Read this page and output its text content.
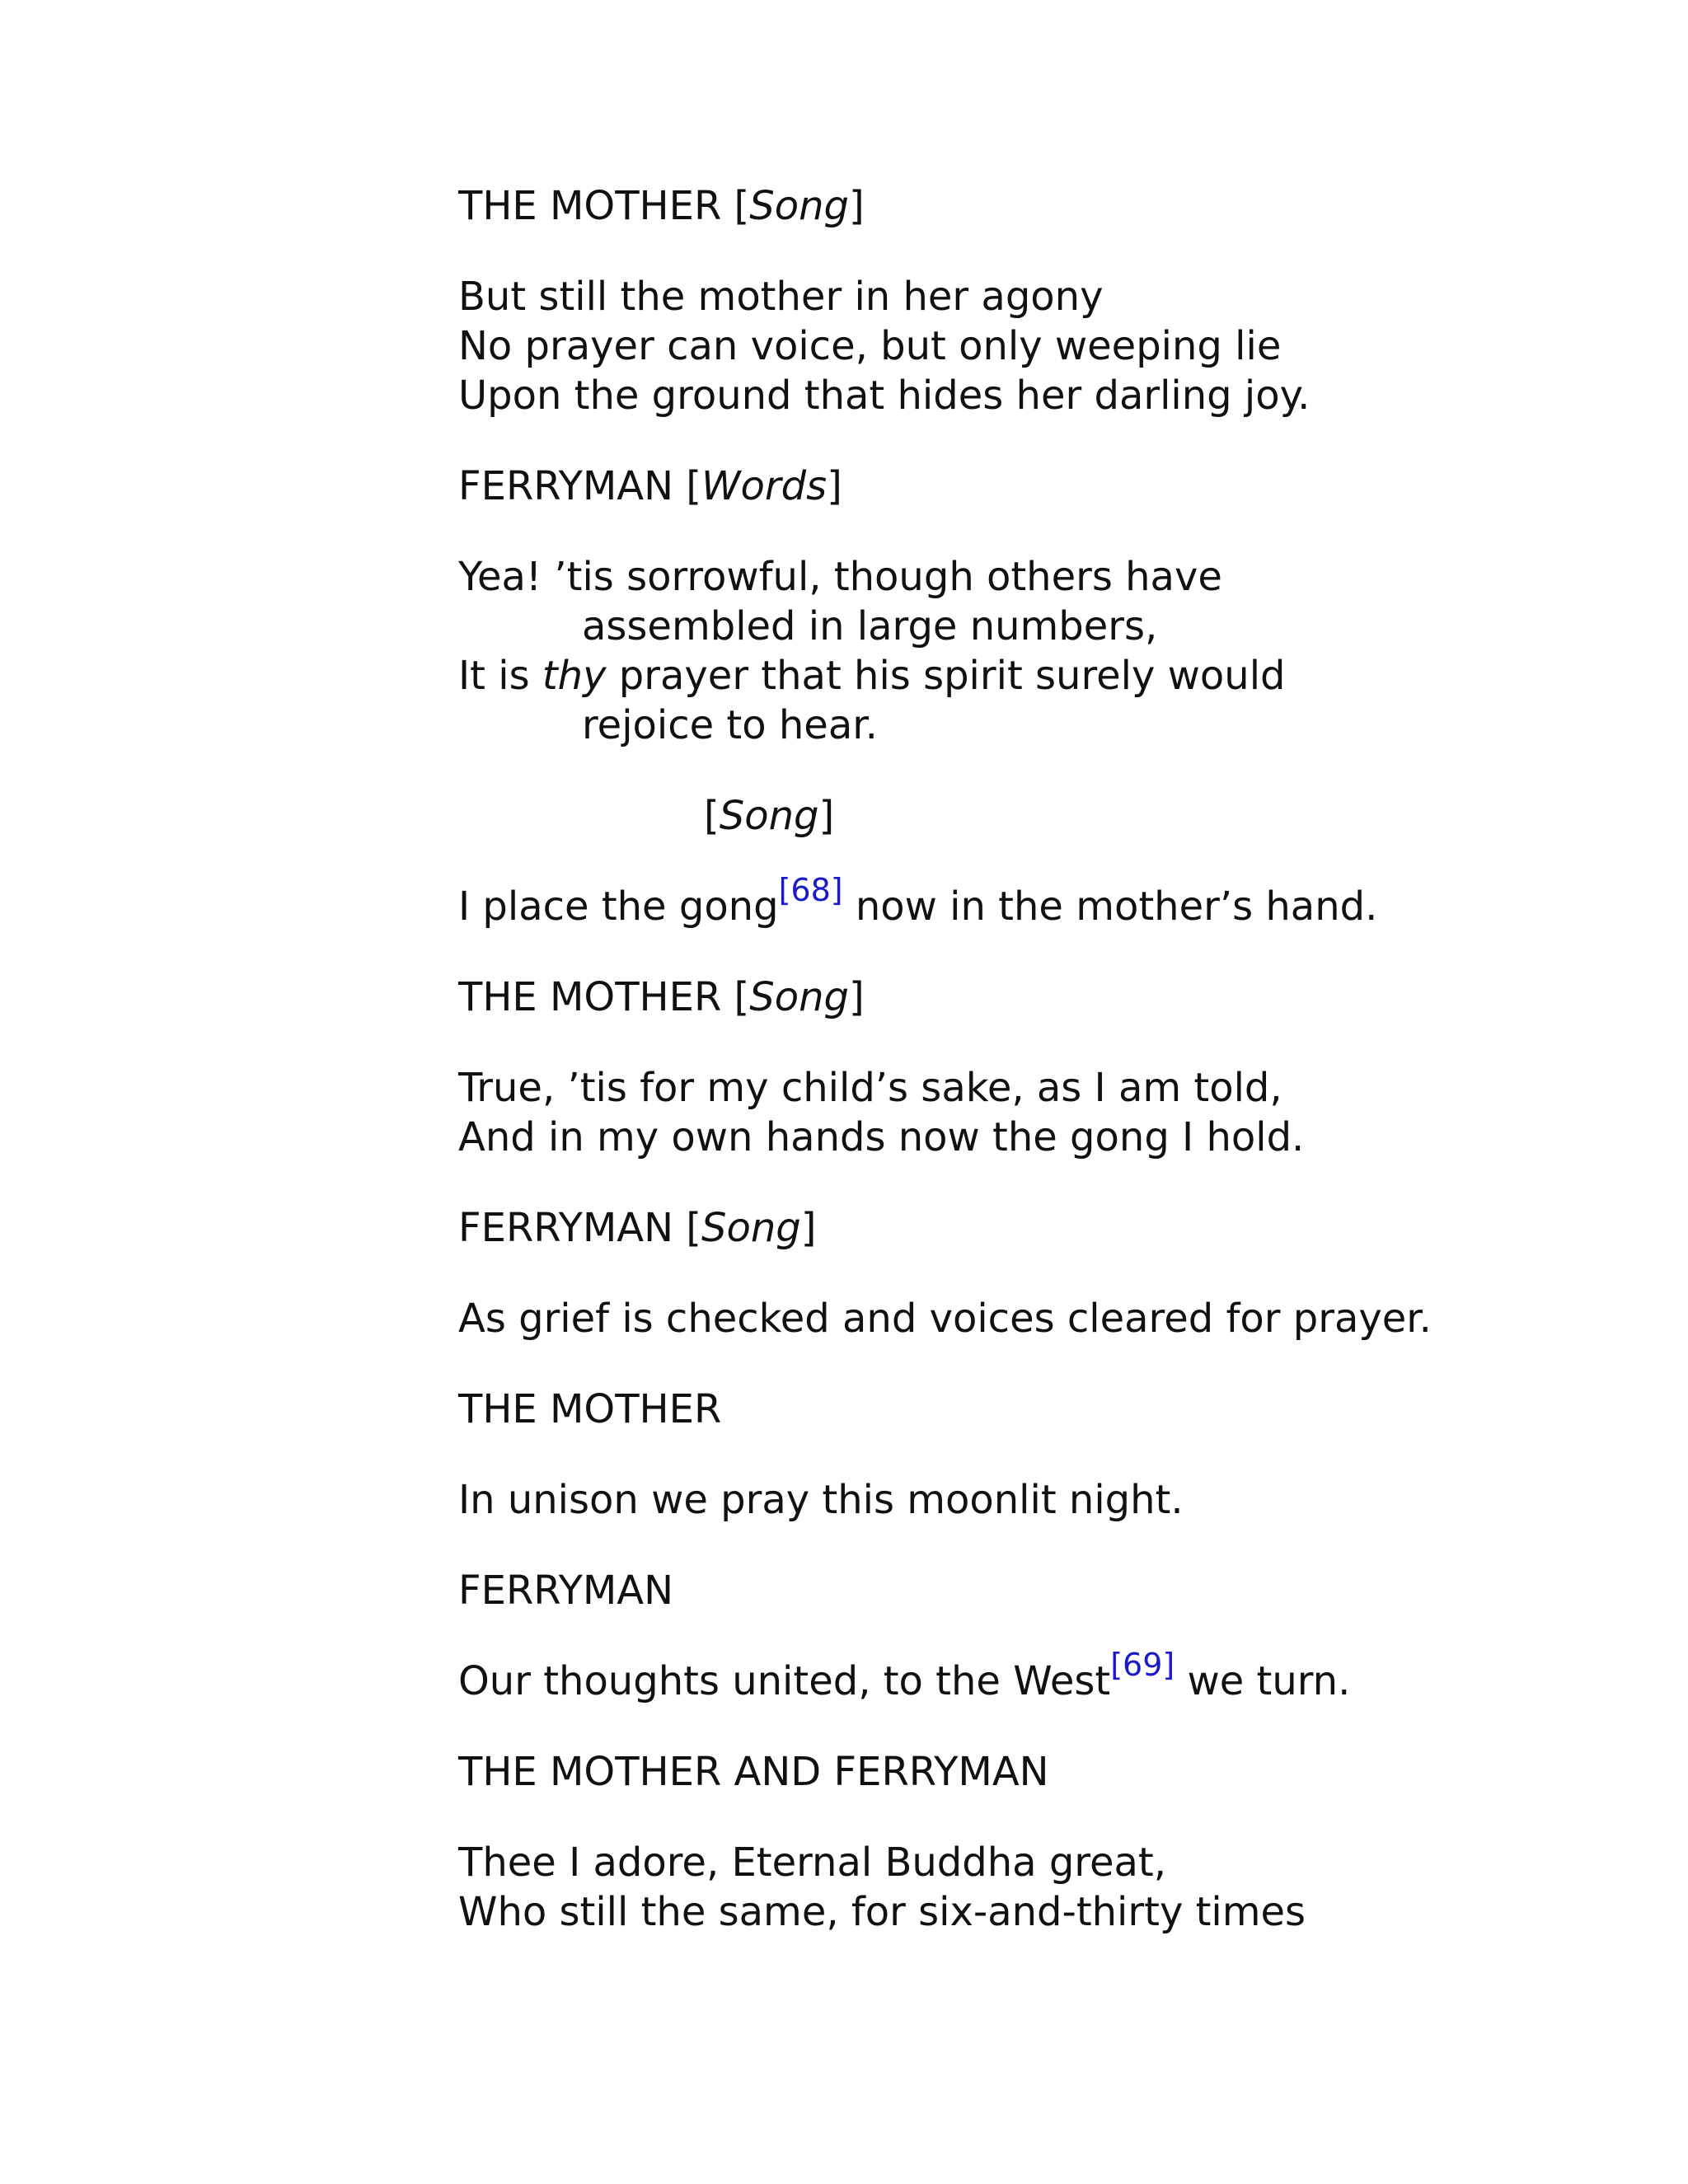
THE MOTHER [Song]

But still the mother in her agony
No prayer can voice, but only weeping lie
Upon the ground that hides her darling joy.

FERRYMAN [Words]

Yea! ’tis sorrowful, though others have
assembled in large numbers,
It is thy prayer that his spirit surely would
rejoice to hear.

[Song]

I place the gong[68] now in the mother’s hand.

THE MOTHER [Song]

True, ’tis for my child’s sake, as I am told,
And in my own hands now the gong I hold.

FERRYMAN [Song]

As grief is checked and voices cleared for prayer.

THE MOTHER

In unison we pray this moonlit night.

FERRYMAN

Our thoughts united, to the West[69] we turn.

THE MOTHER AND FERRYMAN

Thee I adore, Eternal Buddha great,
Who still the same, for six-and-thirty times
